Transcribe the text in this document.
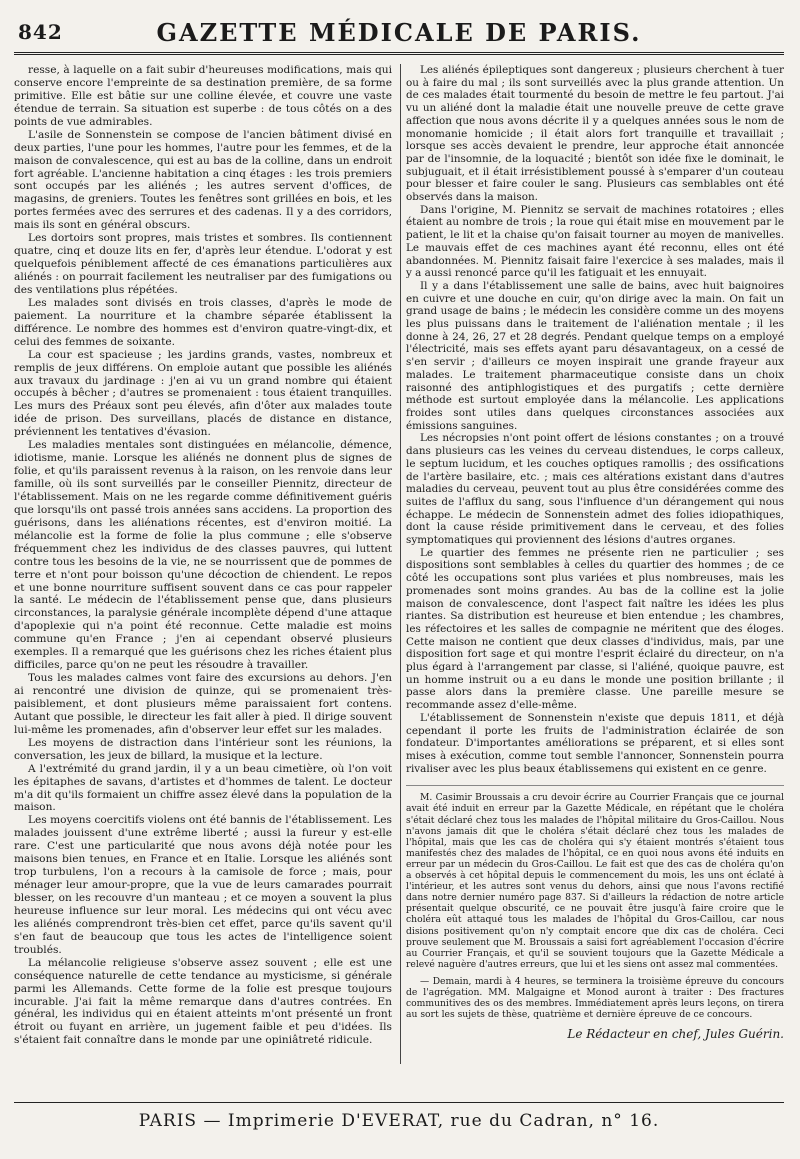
842	GAZETTE MÉDICALE DE PARIS.

resse, à laquelle on a fait subir d'heureuses modifications, mais qui conserve encore l'empreinte de sa destination première, de sa forme primitive. Elle est bâtie sur une colline élevée, et couvre une vaste étendue de terrain. Sa situation est superbe : de tous côtés on a des points de vue admirables.

L'asile de Sonnenstein se compose de l'ancien bâtiment divisé en deux parties, l'une pour les hommes, l'autre pour les femmes, et de la maison de convalescence, qui est au bas de la colline, dans un endroit fort agréable. L'ancienne habitation a cinq étages : les trois premiers sont occupés par les aliénés ; les autres servent d'offices, de magasins, de greniers. Toutes les fenêtres sont grillées en bois, et les portes fermées avec des serrures et des cadenas. Il y a des corridors, mais ils sont en général obscurs.

Les dortoirs sont propres, mais tristes et sombres. Ils contiennent quatre, cinq et douze lits en fer, d'après leur étendue. L'odorat y est quelquefois péniblement affecté de ces émanations particulières aux aliénés : on pourrait facilement les neutraliser par des fumigations ou des ventilations plus répétées.

Les malades sont divisés en trois classes, d'après le mode de paiement. La nourriture et la chambre séparée établissent la différence. Le nombre des hommes est d'environ quatre-vingt-dix, et celui des femmes de soixante.

La cour est spacieuse ; les jardins grands, vastes, nombreux et remplis de jeux différens. On emploie autant que possible les aliénés aux travaux du jardinage : j'en ai vu un grand nombre qui étaient occupés à bêcher ; d'autres se promenaient : tous étaient tranquilles. Les murs des Préaux sont peu élevés, afin d'ôter aux malades toute idée de prison. Des surveillans, placés de distance en distance, préviennent les tentatives d'évasion.

Les maladies mentales sont distinguées en mélancolie, démence, idiotisme, manie. Lorsque les aliénés ne donnent plus de signes de folie, et qu'ils paraissent revenus à la raison, on les renvoie dans leur famille, où ils sont surveillés par le conseiller Piennitz, directeur de l'établissement. Mais on ne les regarde comme définitivement guéris que lorsqu'ils ont passé trois années sans accidens. La proportion des guérisons, dans les aliénations récentes, est d'environ moitié. La mélancolie est la forme de folie la plus commune ; elle s'observe fréquemment chez les individus de des classes pauvres, qui luttent contre tous les besoins de la vie, ne se nourrissent que de pommes de terre et n'ont pour boisson qu'une décoction de chiendent. Le repos et une bonne nourriture suffisent souvent dans ce cas pour rappeler la santé. Le médecin de l'établissement pense que, dans plusieurs circonstances, la paralysie générale incomplète dépend d'une attaque d'apoplexie qui n'a point été reconnue. Cette maladie est moins commune qu'en France ; j'en ai cependant observé plusieurs exemples. Il a remarqué que les guérisons chez les riches étaient plus difficiles, parce qu'on ne peut les résoudre à travailler.

Tous les malades calmes vont faire des excursions au dehors. J'en ai rencontré une division de quinze, qui se promenaient très-paisiblement, et dont plusieurs même paraissaient fort contens. Autant que possible, le directeur les fait aller à pied. Il dirige souvent lui-même les promenades, afin d'observer leur effet sur les malades.

Les moyens de distraction dans l'intérieur sont les réunions, la conversation, les jeux de billard, la musique et la lecture.

A l'extrémité du grand jardin, il y a un beau cimetière, où l'on voit les épitaphes de savans, d'artistes et d'hommes de talent. Le docteur m'a dit qu'ils formaient un chiffre assez élevé dans la population de la maison.

Les moyens coercitifs violens ont été bannis de l'établissement. Les malades jouissent d'une extrême liberté ; aussi la fureur y est-elle rare. C'est une particularité que nous avons déjà notée pour les maisons bien tenues, en France et en Italie. Lorsque les aliénés sont trop turbulens, l'on a recours à la camisole de force ; mais, pour ménager leur amour-propre, que la vue de leurs camarades pourrait blesser, on les recouvre d'un manteau ; et ce moyen a souvent la plus heureuse influence sur leur moral. Les médecins qui ont vécu avec les aliénés comprendront très-bien cet effet, parce qu'ils savent qu'il s'en faut de beaucoup que tous les actes de l'intelligence soient troublés.

La mélancolie religieuse s'observe assez souvent ; elle est une conséquence naturelle de cette tendance au mysticisme, si générale parmi les Allemands. Cette forme de la folie est presque toujours incurable. J'ai fait la même remarque dans d'autres contrées. En général, les individus qui en étaient atteints m'ont présenté un front étroit ou fuyant en arrière, un jugement faible et peu d'idées. Ils s'étaient fait connaître dans le monde par une opiniâtreté ridicule.

Les aliénés épileptiques sont dangereux ; plusieurs cherchent à tuer ou à faire du mal ; ils sont surveillés avec la plus grande attention. Un de ces malades était tourmenté du besoin de mettre le feu partout. J'ai vu un aliéné dont la maladie était une nouvelle preuve de cette grave affection que nous avons décrite il y a quelques années sous le nom de monomanie homicide ; il était alors fort tranquille et travaillait ; lorsque ses accès devaient le prendre, leur approche était annoncée par de l'insomnie, de la loquacité ; bientôt son idée fixe le dominait, le subjuguait, et il était irrésistiblement poussé à s'emparer d'un couteau pour blesser et faire couler le sang. Plusieurs cas semblables ont été observés dans la maison.

Dans l'origine, M. Piennitz se servait de machines rotatoires ; elles étaient au nombre de trois ; la roue qui était mise en mouvement par le patient, le lit et la chaise qu'on faisait tourner au moyen de manivelles. Le mauvais effet de ces machines ayant été reconnu, elles ont été abandonnées. M. Piennitz faisait faire l'exercice à ses malades, mais il y a aussi renoncé parce qu'il les fatiguait et les ennuyait.

Il y a dans l'établissement une salle de bains, avec huit baignoires en cuivre et une douche en cuir, qu'on dirige avec la main. On fait un grand usage de bains ; le médecin les considère comme un des moyens les plus puissans dans le traitement de l'aliénation mentale ; il les donne à 24, 26, 27 et 28 degrés. Pendant quelque temps on a employé l'électricité, mais ses effets ayant paru désavantageux, on a cessé de s'en servir ; d'ailleurs ce moyen inspirait une grande frayeur aux malades. Le traitement pharmaceutique consiste dans un choix raisonné des antiphlogistiques et des purgatifs ; cette dernière méthode est surtout employée dans la mélancolie. Les applications froides sont utiles dans quelques circonstances associées aux émissions sanguines.

Les nécropsies n'ont point offert de lésions constantes ; on a trouvé dans plusieurs cas les veines du cerveau distendues, le corps calleux, le septum lucidum, et les couches optiques ramollis ; des ossifications de l'artère basilaire, etc. ; mais ces altérations existant dans d'autres maladies du cerveau, peuvent tout au plus être considérées comme des suites de l'afflux du sang, sous l'influence d'un dérangement qui nous échappe. Le médecin de Sonnenstein admet des folies idiopathiques, dont la cause réside primitivement dans le cerveau, et des folies symptomatiques qui proviennent des lésions d'autres organes.

Le quartier des femmes ne présente rien ne particulier ; ses dispositions sont semblables à celles du quartier des hommes ; de ce côté les occupations sont plus variées et plus nombreuses, mais les promenades sont moins grandes. Au bas de la colline est la jolie maison de convalescence, dont l'aspect fait naître les idées les plus riantes. Sa distribution est heureuse et bien entendue ; les chambres, les réfectoires et les salles de compagnie ne méritent que des éloges. Cette maison ne contient que deux classes d'individus, mais, par une disposition fort sage et qui montre l'esprit éclairé du directeur, on n'a plus égard à l'arrangement par classe, si l'aliéné, quoique pauvre, est un homme instruit ou a eu dans le monde une position brillante ; il passe alors dans la première classe. Une pareille mesure se recommande assez d'elle-même.

L'établissement de Sonnenstein n'existe que depuis 1811, et déjà cependant il porte les fruits de l'administration éclairée de son fondateur. D'importantes améliorations se préparent, et si elles sont mises à exécution, comme tout semble l'annoncer, Sonnenstein pourra rivaliser avec les plus beaux établissemens qui existent en ce genre.

M. Casimir Broussais a cru devoir écrire au Courrier Français que ce journal avait été induit en erreur par la Gazette Médicale, en répétant que le choléra s'était déclaré chez tous les malades de l'hôpital militaire du Gros-Caillou. Nous n'avons jamais dit que le choléra s'était déclaré chez tous les malades de l'hôpital, mais que les cas de choléra qui s'y étaient montrés s'étaient tous manifestés chez des malades de l'hôpital, ce en quoi nous avons été induits en erreur par un médecin du Gros-Caillou. Le fait est que des cas de choléra qu'on a observés à cet hôpital depuis le commencement du mois, les uns ont éclaté à l'intérieur, et les autres sont venus du dehors, ainsi que nous l'avons rectifié dans notre dernier numéro page 837. Si d'ailleurs la rédaction de notre article présentait quelque obscurité, ce ne pouvait être jusqu'à faire croire que le choléra eût attaqué tous les malades de l'hôpital du Gros-Caillou, car nous disions positivement qu'on n'y comptait encore que dix cas de choléra. Ceci prouve seulement que M. Broussais a saisi fort agréablement l'occasion d'écrire au Courrier Français, et qu'il se souvient toujours que la Gazette Médicale a relevé naguère d'autres erreurs, que lui et les siens ont assez mal commentées.
— Demain, mardi à 4 heures, se terminera la troisième épreuve du concours de l'agrégation. MM. Malgaigne et Monod auront à traiter : Des fractures communitives des os des membres. Immédiatement après leurs leçons, on tirera au sort les sujets de thèse, quatrième et dernière épreuve de ce concours.
Le Rédacteur en chef, Jules Guérin.
PARIS — Imprimerie D'EVERAT, rue du Cadran, n° 16.
